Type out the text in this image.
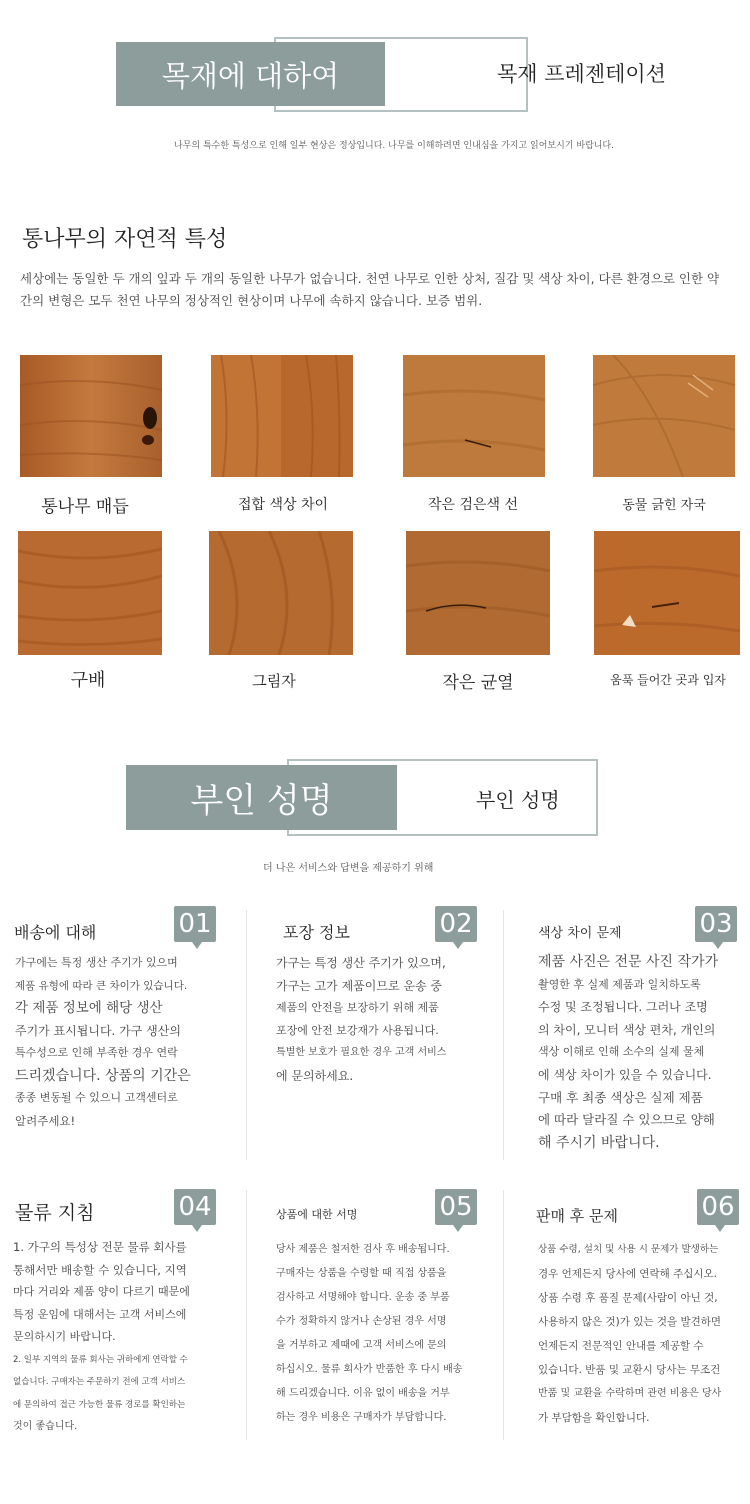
목재에 대하여	목재 프레젠테이션
나무의 특수한 특성으로 인해 일부 현상은 정상입니다. 나무를 이해하려면 인내심을 가지고 읽어보시기 바랍니다.
통나무의 자연적 특성
세상에는 동일한 두 개의 잎과 두 개의 동일한 나무가 없습니다. 천연 나무로 인한 상처, 질감 및 색상 차이, 다른 환경으로 인한 약간의 변형은 모두 천연 나무의 정상적인 현상이며 나무에 속하지 않습니다. 보증 범위.
통나무 매듭	접합 색상 차이	작은 검은색 선	동물 긁힌 자국
구배	그림자	작은 균열	움푹 들어간 곳과 입자
부인 성명	부인 성명
더 나은 서비스와 답변을 제공하기 위해
배송에 대해	01

가구에는 특정 생산 주기가 있으며

제품 유형에 따라 큰 차이가 있습니다.

각 제품 정보에 해당 생산

주기가 표시됩니다. 가구 생산의

특수성으로 인해 부족한 경우 연락

드리겠습니다. 상품의 기간은

종종 변동될 수 있으니 고객센터로

알려주세요!

포장 정보	02

가구는 특정 생산 주기가 있으며,

가구는 고가 제품이므로 운송 중

제품의 안전을 보장하기 위해 제품

포장에 안전 보강재가 사용됩니다.

특별한 보호가 필요한 경우 고객 서비스

에 문의하세요.

색상 차이 문제	03

제품 사진은 전문 사진 작가가

촬영한 후 실제 제품과 일치하도록

수정 및 조정됩니다. 그러나 조명

의 차이, 모니터 색상 편차, 개인의

색상 이해로 인해 소수의 실제 물체

에 색상 차이가 있을 수 있습니다.

구매 후 최종 색상은 실제 제품

에 따라 달라질 수 있으므로 양해

해 주시기 바랍니다.

물류 지침	04

1. 가구의 특성상 전문 물류 회사를

통해서만 배송할 수 있습니다, 지역

마다 거리와 제품 양이 다르기 때문에

특정 운임에 대해서는 고객 서비스에

문의하시기 바랍니다.

2. 일부 지역의 물류 회사는 귀하에게 연락할 수

없습니다. 구매자는 주문하기 전에 고객 서비스

에 문의하여 접근 가능한 물류 경로를 확인하는

것이 좋습니다.

상품에 대한 서명	05

당사 제품은 철저한 검사 후 배송됩니다.

구매자는 상품을 수령할 때 직접 상품을

검사하고 서명해야 합니다. 운송 중 부품

수가 정확하지 않거나 손상된 경우 서명

을 거부하고 제때에 고객 서비스에 문의

하십시오. 물류 회사가 반품한 후 다시 배송

해 드리겠습니다. 이유 없이 배송을 거부

하는 경우 비용은 구매자가 부담합니다.

판매 후 문제	06

상품 수령, 설치 및 사용 시 문제가 발생하는

경우 언제든지 당사에 연락해 주십시오.

상품 수령 후 품질 문제(사람이 아닌 것,

사용하지 않은 것)가 있는 것을 발견하면

언제든지 전문적인 안내를 제공할 수

있습니다. 반품 및 교환시 당사는 무조건

반품 및 교환을 수락하며 관련 비용은 당사

가 부담함을 확인합니다.
